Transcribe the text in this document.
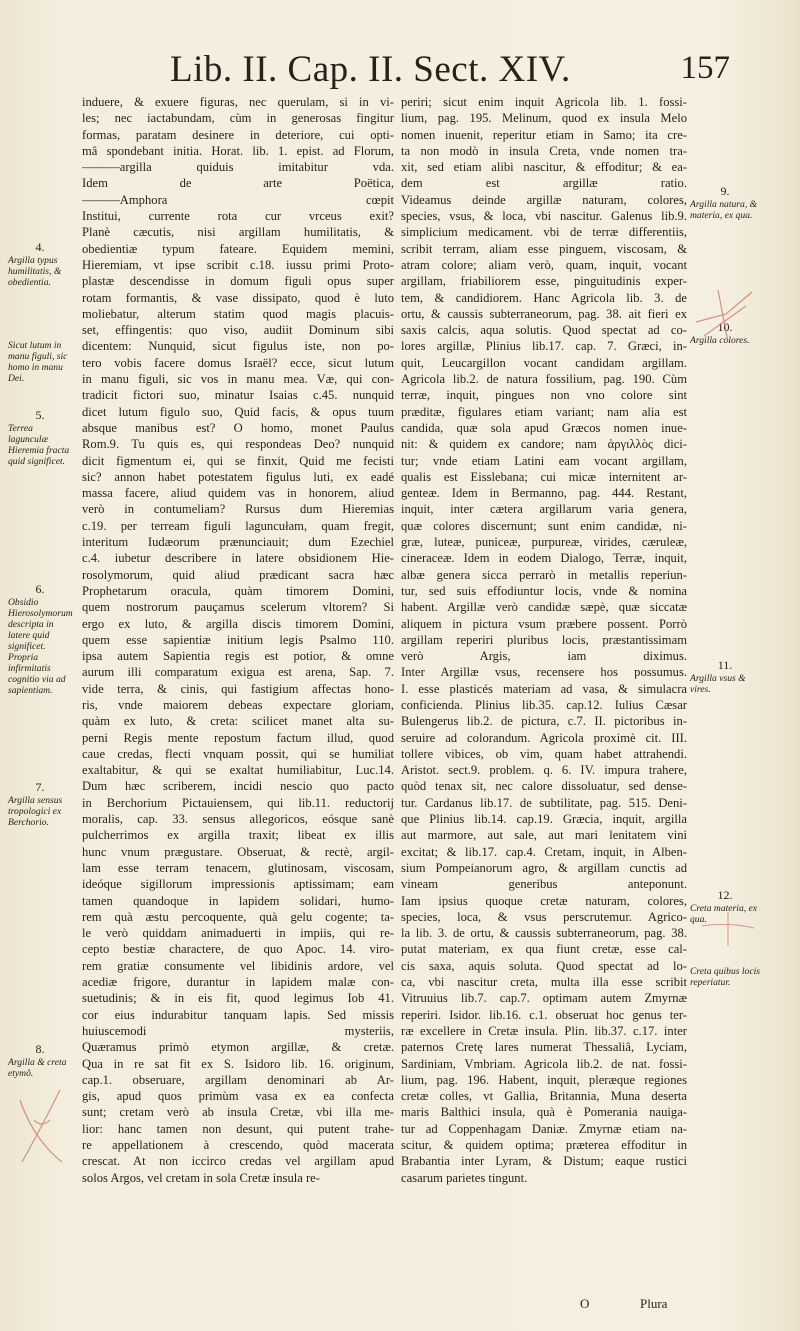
Lib. II. Cap. II. Sect. XIV.	157
induere, & exuere figuras, nec querulam, si in vi-
les; nec iactabundam, cùm in generosas fingitur
formas, paratam desinere in deteriore, cui opti-
mâ spondebant initia. Horat. lib. 1. epist. ad Florum,
———argilla quiduis imitabitur vda.
Idem de arte Poëtica,
———Amphora cœpit
Institui, currente rota cur vrceus exit?
Planè cæcutis, nisi argillam humilitatis, &
obedientiæ typum fateare. Equidem memini,
Hieremiam, vt ipse scribit c.18. iussu primi Proto-
plastæ descendisse in domum figuli opus super
rotam formantis, & vase dissipato, quod è luto
moliebatur, alterum statim quod magis placuis-
set, effingentis: quo viso, audiit Dominum sibi
dicentem: Nunquid, sicut figulus iste, non po-
tero vobis facere domus Israël? ecce, sicut lutum
in manu figuli, sic vos in manu mea. Væ, qui con-
tradicit fictori suo, minatur Isaias c.45. nunquid
dicet lutum figulo suo, Quid facis, & opus tuum
absque manibus est? O homo, monet Paulus
Rom.9. Tu quis es, qui respondeas Deo? nunquid
dicit figmentum ei, qui se finxit, Quid me fecisti
sic? annon habet potestatem figulus luti, ex eadé
massa facere, aliud quidem vas in honorem, aliud
verò in contumeliam? Rursus dum Hieremias
c.19. per terream figuli laguncułam, quam fregit,
interitum Iudæorum prænunciauit; dum Ezechiel
c.4. iubetur describere in latere obsidionem Hie-
rosolymorum, quid aliud prædicant sacra hæc
Prophetarum oracula, quàm timorem Domini,
quem nostrorum pauçamus scelerum vltorem? Si
ergo ex luto, & argilla discis timorem Domini,
quem esse sapientiæ initium legis Psalmo 110.
ipsa autem Sapientia regis est potior, & omne
aurum illi comparatum exigua est arena, Sap. 7.
vide terra, & cinis, qui fastigium affectas hono-
ris, vnde maiorem debeas expectare gloriam,
quàm ex luto, & creta: scilicet manet alta su-
perni Regis mente repostum factum illud, quod
caue credas, flecti vnquam possit, qui se humiliat
exaltabitur, & qui se exaltat humiliabitur, Luc.14.
Dum hæc scriberem, incidi nescio quo pacto
in Berchorium Pictauiensem, qui lib.11. reductorij
moralis, cap. 33. sensus allegoricos, eósque sanè
pulcherrimos ex argilla traxit; libeat ex illis
hunc vnum prægustare. Obseruat, & rectè, argil-
lam esse terram tenacem, glutinosam, viscosam,
ideóque sigillorum impressionis aptissimam; eam
tamen quandoque in lapidem solidari, humo-
rem quà æstu percoquente, quà gelu cogente; ta-
le verò quiddam animaduerti in impiis, qui re-
cepto bestiæ charactere, de quo Apoc. 14. viro-
rem gratiæ consumente vel libidinis ardore, vel
acediæ frigore, durantur in lapidem malæ con-
suetudinis; & in eis fit, quod legimus Iob 41.
cor eius indurabitur tanquam lapis. Sed missis
huiuscemodi mysteriis,
Quæramus primò etymon argillæ, & cretæ.
Qua in re sat fit ex S. Isidoro lib. 16. originum,
cap.1. obseruare, argillam denominari ab Ar-
gis, apud quos primùm vasa ex ea confecta
sunt; cretam verò ab insula Cretæ, vbi illa me-
lior: hanc tamen non desunt, qui putent trahe-
re appellationem à crescendo, quòd macerata
crescat. At non iccirco credas vel argillam apud
solos Argos, vel cretam in sola Cretæ insula re-
periri; sicut enim inquit Agricola lib. 1. fossi-
lium, pag. 195. Melinum, quod ex insula Melo
nomen inuenit, reperitur etiam in Samo; ita cre-
ta non modò in insula Creta, vnde nomen tra-
xit, sed etiam alibi nascitur, & effoditur; & ea-
dem est argillæ ratio.
Videamus deinde argillæ naturam, colores,
species, vsus, & loca, vbi nascitur. Galenus lib.9.
simplicium medicament. vbi de terræ differentiis,
scribit terram, aliam esse pinguem, viscosam, &
atram colore; aliam verò, quam, inquit, vocant
argillam, friabiliorem esse, pinguitudinis exper-
tem, & candidiorem. Hanc Agricola lib. 3. de
ortu, & caussis subterraneorum, pag. 38. ait fieri ex
saxis calcis, aqua solutis. Quod spectat ad co-
lores argillæ, Plinius lib.17. cap. 7. Græci, in-
quit, Leucargillon vocant candidam argillam.
Agricola lib.2. de natura fossilium, pag. 190. Cùm
terræ, inquit, pingues non vno colore sint
præditæ, figulares etiam variant; nam alia est
candida, quæ sola apud Græcos nomen inue-
nit: & quidem ex candore; nam ἀργιλλὸς dici-
tur; vnde etiam Latini eam vocant argillam,
qualis est Eisslebana; cui micæ internitent ar-
genteæ. Idem in Bermanno, pag. 444. Restant,
inquit, inter cætera argillarum varia genera,
quæ colores discernunt; sunt enim candidæ, ni-
græ, luteæ, puniceæ, purpureæ, virides, cæruleæ,
cineraceæ. Idem in eodem Dialogo, Terræ, inquit,
albæ genera sicca perrarò in metallis reperiun-
tur, sed suis effodiuntur locis, vnde & nomina
habent. Argillæ verò candidæ sæpè, quæ siccatæ
aliquem in pictura vsum præbere possent. Porrò
argillam reperiri pluribus locis, præstantissimam
verò Argis, iam diximus.
Inter Argillæ vsus, recensere hos possumus.
I. esse plasticés materiam ad vasa, & simulacra
conficienda. Plinius lib.35. cap.12. Iulius Cæsar
Bulengerus lib.2. de pictura, c.7. II. pictoribus in-
seruire ad colorandum. Agricola proximè cit. III.
tollere vibices, ob vim, quam habet attrahendi.
Aristot. sect.9. problem. q. 6. IV. impura trahere,
quòd tenax sit, nec calore dissoluatur, sed dense-
tur. Cardanus lib.17. de subtilitate, pag. 515. Deni-
que Plinius lib.14. cap.19. Græcia, inquit, argilla
aut marmore, aut sale, aut mari lenitatem vini
excitat; & lib.17. cap.4. Cretam, inquit, in Alben-
sium Pompeianorum agro, & argillam cunctis ad
vineam generibus anteponunt.
Iam ipsius quoque cretæ naturam, colores,
species, loca, & vsus perscrutemur. Agrico-
la lib. 3. de ortu, & caussis subterraneorum, pag. 38.
putat materiam, ex qua fiunt cretæ, esse cal-
cis saxa, aquis soluta. Quod spectat ad lo-
ca, vbi nascitur creta, multa illa esse scribit
Vitruuius lib.7. cap.7. optimam autem Zmyrnæ
reperiri. Isidor. lib.16. c.1. obseruat hoc genus ter-
ræ excellere in Cretæ insula. Plin. lib.37. c.17. inter
paternos Cretę lares numerat Thessaliâ, Lyciam,
Sardiniam, Vmbriam. Agricola lib.2. de nat. fossi-
lium, pag. 196. Habent, inquit, pleræque regiones
cretæ colles, vt Gallia, Britannia, Muna deserta
maris Balthici insula, quà è Pomerania nauiga-
tur ad Coppenhagam Daniæ. Zmyrnæ etiam na-
scitur, & quidem optima; præterea effoditur in
Brabantia inter Lyram, & Distum; eaque rustici
casarum parietes tingunt.
4.
Argilla typus humilitatis, & obedientia.
Sicut lutum in manu figuli, sic homo in manu Dei.
5.
Terrea lagunculæ Hieremia fracta quid significet.
6.
Obsidio Hierosolymorum descripta in latere quid significet. Propria infirmitatis cognitio via ad sapientiam.
7.
Argilla sensus tropologici ex Berchorio.
8.
Argilla & creta etymô.
9.
Argilla natura, & materia, ex qua.
10.
Argilla colores.
11.
Argilla vsus & vires.
12.
Creta materia, ex qua.
Creta quibus locis reperiatur.
O	Plura
